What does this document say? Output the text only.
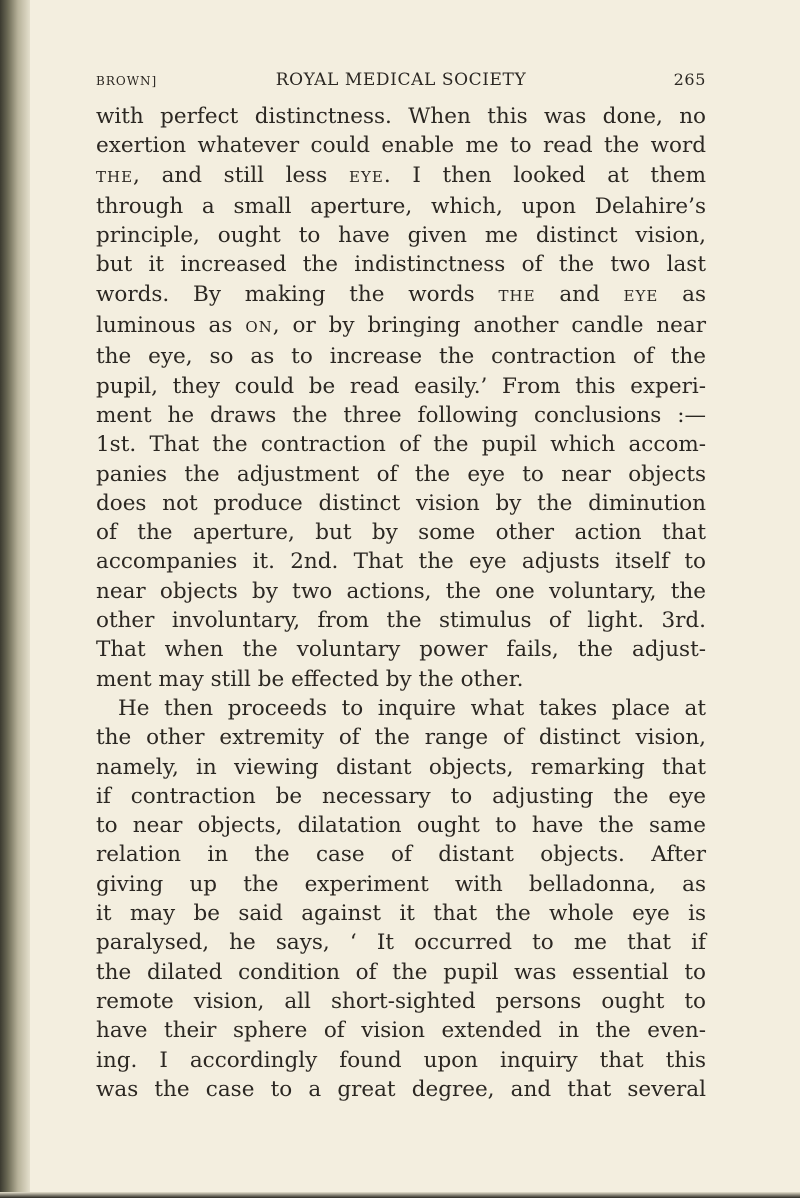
BROWN]	ROYAL MEDICAL SOCIETY	265
with perfect distinctness. When this was done, no
exertion whatever could enable me to read the word
THE, and still less EYE. I then looked at them
through a small aperture, which, upon Delahire’s
principle, ought to have given me distinct vision,
but it increased the indistinctness of the two last
words. By making the words THE and EYE as
luminous as ON, or by bringing another candle near
the eye, so as to increase the contraction of the
pupil, they could be read easily.’ From this experi-
ment he draws the three following conclusions :—
1st. That the contraction of the pupil which accom-
panies the adjustment of the eye to near objects
does not produce distinct vision by the diminution
of the aperture, but by some other action that
accompanies it. 2nd. That the eye adjusts itself to
near objects by two actions, the one voluntary, the
other involuntary, from the stimulus of light. 3rd.
That when the voluntary power fails, the adjust-
ment may still be effected by the other.
He then proceeds to inquire what takes place at
the other extremity of the range of distinct vision,
namely, in viewing distant objects, remarking that
if contraction be necessary to adjusting the eye
to near objects, dilatation ought to have the same
relation in the case of distant objects. After
giving up the experiment with belladonna, as
it may be said against it that the whole eye is
paralysed, he says, ‘ It occurred to me that if
the dilated condition of the pupil was essential to
remote vision, all short-sighted persons ought to
have their sphere of vision extended in the even-
ing. I accordingly found upon inquiry that this
was the case to a great degree, and that several
